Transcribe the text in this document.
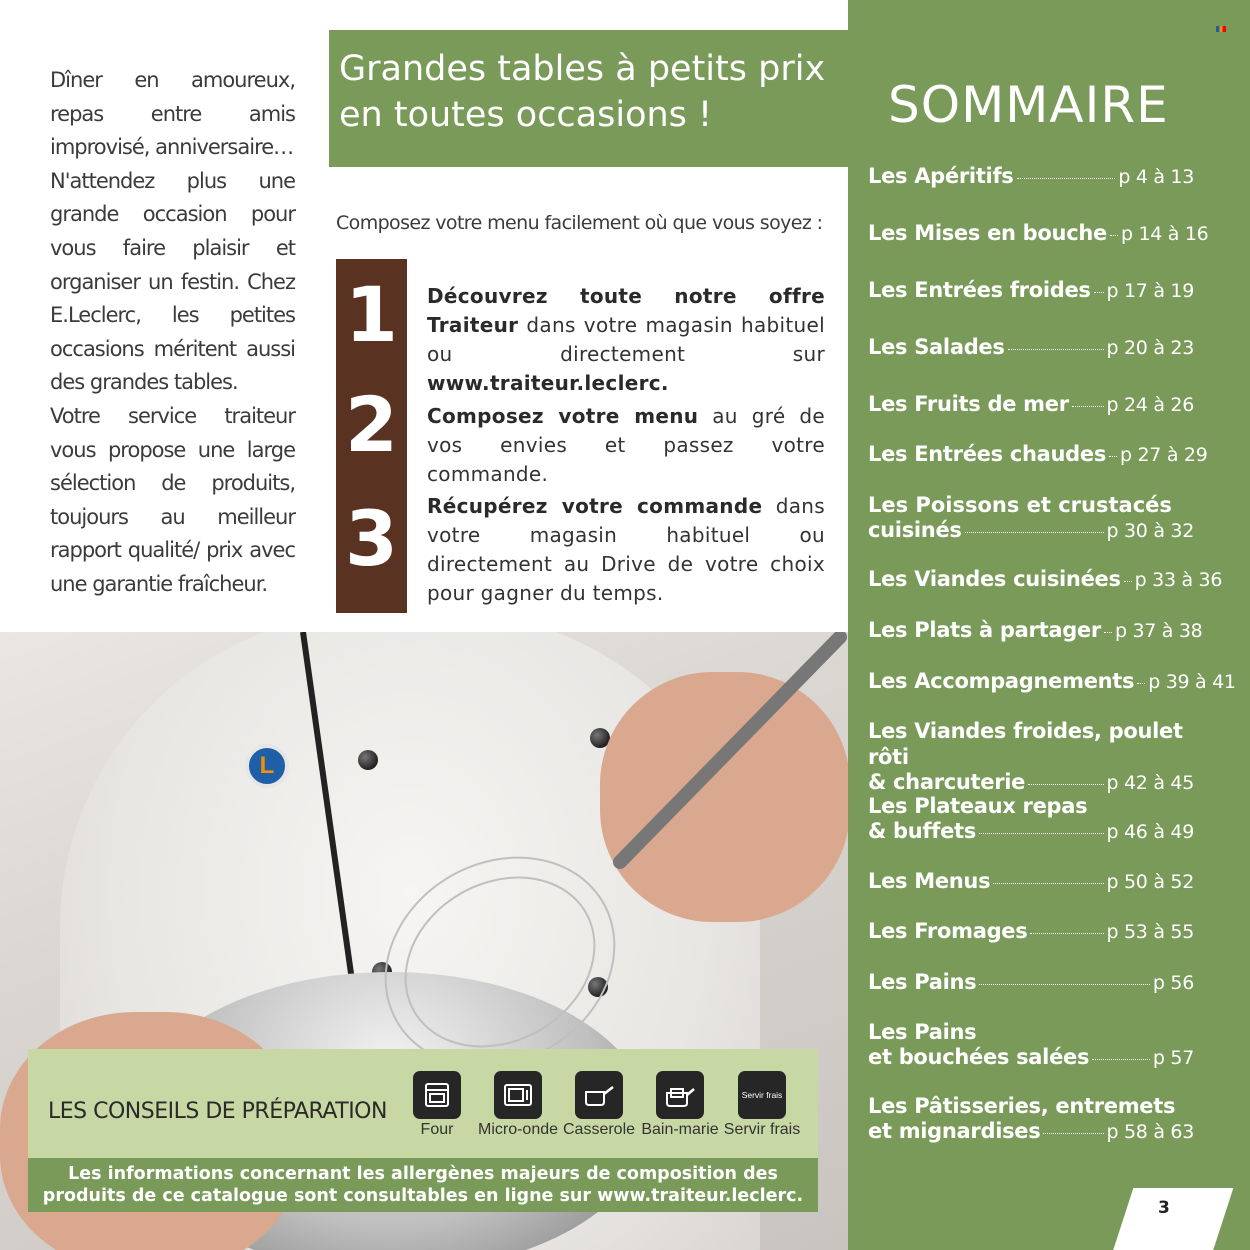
Dîner en amoureux, repas entre amis improvisé, anniversaire…

N'attendez plus une grande occasion pour vous faire plaisir et organiser un festin. Chez E.Leclerc, les petites occasions méritent aussi des grandes tables.

Votre service traiteur vous propose une large sélection de produits, toujours au meilleur rapport qualité/ prix avec une garantie fraîcheur.

Grandes tables à petits prix en toutes occasions !
Composez votre menu facilement où que vous soyez :
1
2
3
Découvrez toute notre offre Traiteur dans votre magasin habituel ou directement sur www.traiteur.leclerc.
Composez votre menu au gré de vos envies et passez votre commande.
Récupérez votre commande dans votre magasin habituel ou directement au Drive de votre choix pour gagner du temps.
L
LES CONSEILS DE PRÉPARATION
Four	Micro-onde Casserole Bain-marie
Servir frais
Servir frais
Les informations concernant les allergènes majeurs de composition des produits de ce catalogue sont consultables en ligne sur www.traiteur.leclerc.
SOMMAIRE
Les Apéritifs	p 4 à 13
Les Mises en bouche p 14 à 16
Les Entrées froides p 17 à 19
Les Salades	p 20 à 23
Les Fruits de mer p 24 à 26
Les Entrées chaudes p 27 à 29
Les Poissons et crustacés
cuisinés	p 30 à 32
Les Viandes cuisinées p 33 à 36
Les Plats à partager p 37 à 38
Les Accompagnements p 39 à 41
Les Viandes froides, poulet rôti
& charcuterie	p 42 à 45
Les Plateaux repas
& buffets	p 46 à 49
Les Menus	p 50 à 52
Les Fromages	p 53 à 55
Les Pains	p 56
Les Pains
et bouchées salées	p 57
Les Pâtisseries, entremets
et mignardises	p 58 à 63
3
